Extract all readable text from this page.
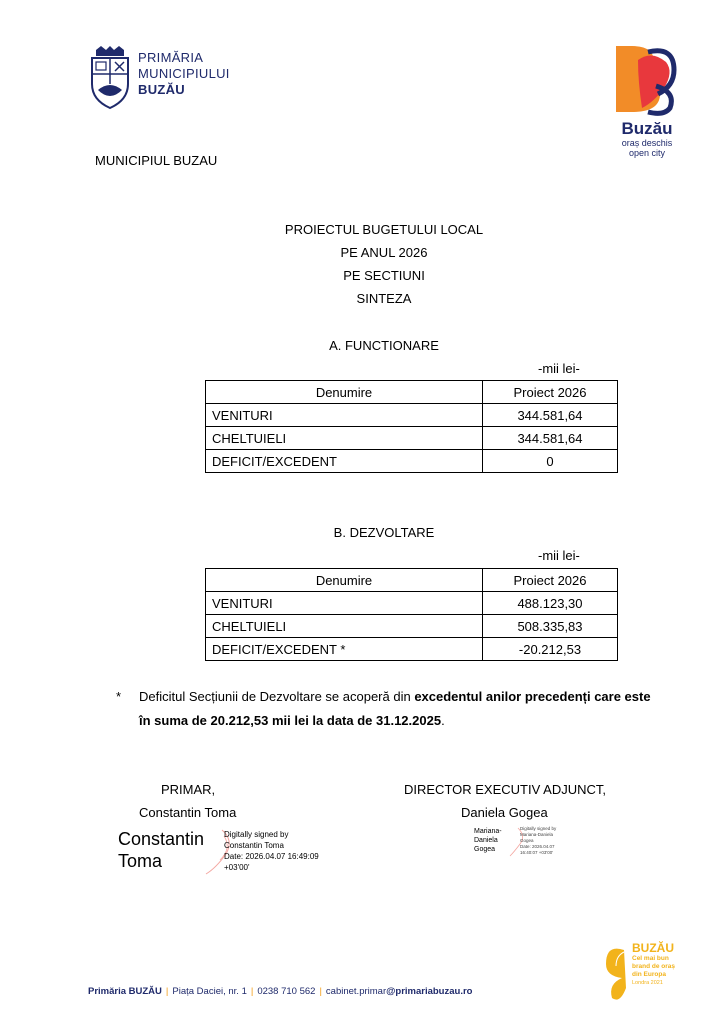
PRIMĂRIA
MUNICIPIULUI
BUZĂU
Buzău
oraș deschis
open city
MUNICIPIUL BUZAU
PROIECTUL BUGETULUI LOCAL
PE ANUL 2026
PE SECTIUNI
SINTEZA
A. FUNCTIONARE
-mii lei-
Denumire	Proiect 2026
VENITURI	344.581,64
CHELTUIELI	344.581,64
DEFICIT/EXCEDENT	0
B. DEZVOLTARE
-mii lei-
Denumire	Proiect 2026
VENITURI	488.123,30
CHELTUIELI	508.335,83
DEFICIT/EXCEDENT *	-20.212,53
* Deficitul Secțiunii de Dezvoltare se acoperă din excedentul anilor precedenți care este
în suma de 20.212,53 mii lei la data de 31.12.2025.
PRIMAR,
Constantin Toma
DIRECTOR EXECUTIV ADJUNCT,
Daniela Gogea
Constantin
Toma
Digitally signed by
Constantin Toma
Date: 2026.04.07 16:49:09
+03'00'
Mariana-
Daniela
Gogea
Digitally signed by
Mariana-Daniela
Gogea
Date: 2026.04.07
16:40:07 +03'00'
Primăria BUZĂU | Piața Daciei, nr. 1 | 0238 710 562 | cabinet.primar@primariabuzau.ro
BUZĂU
Cel mai bun
brand de oraș
din Europa
Londra 2021
